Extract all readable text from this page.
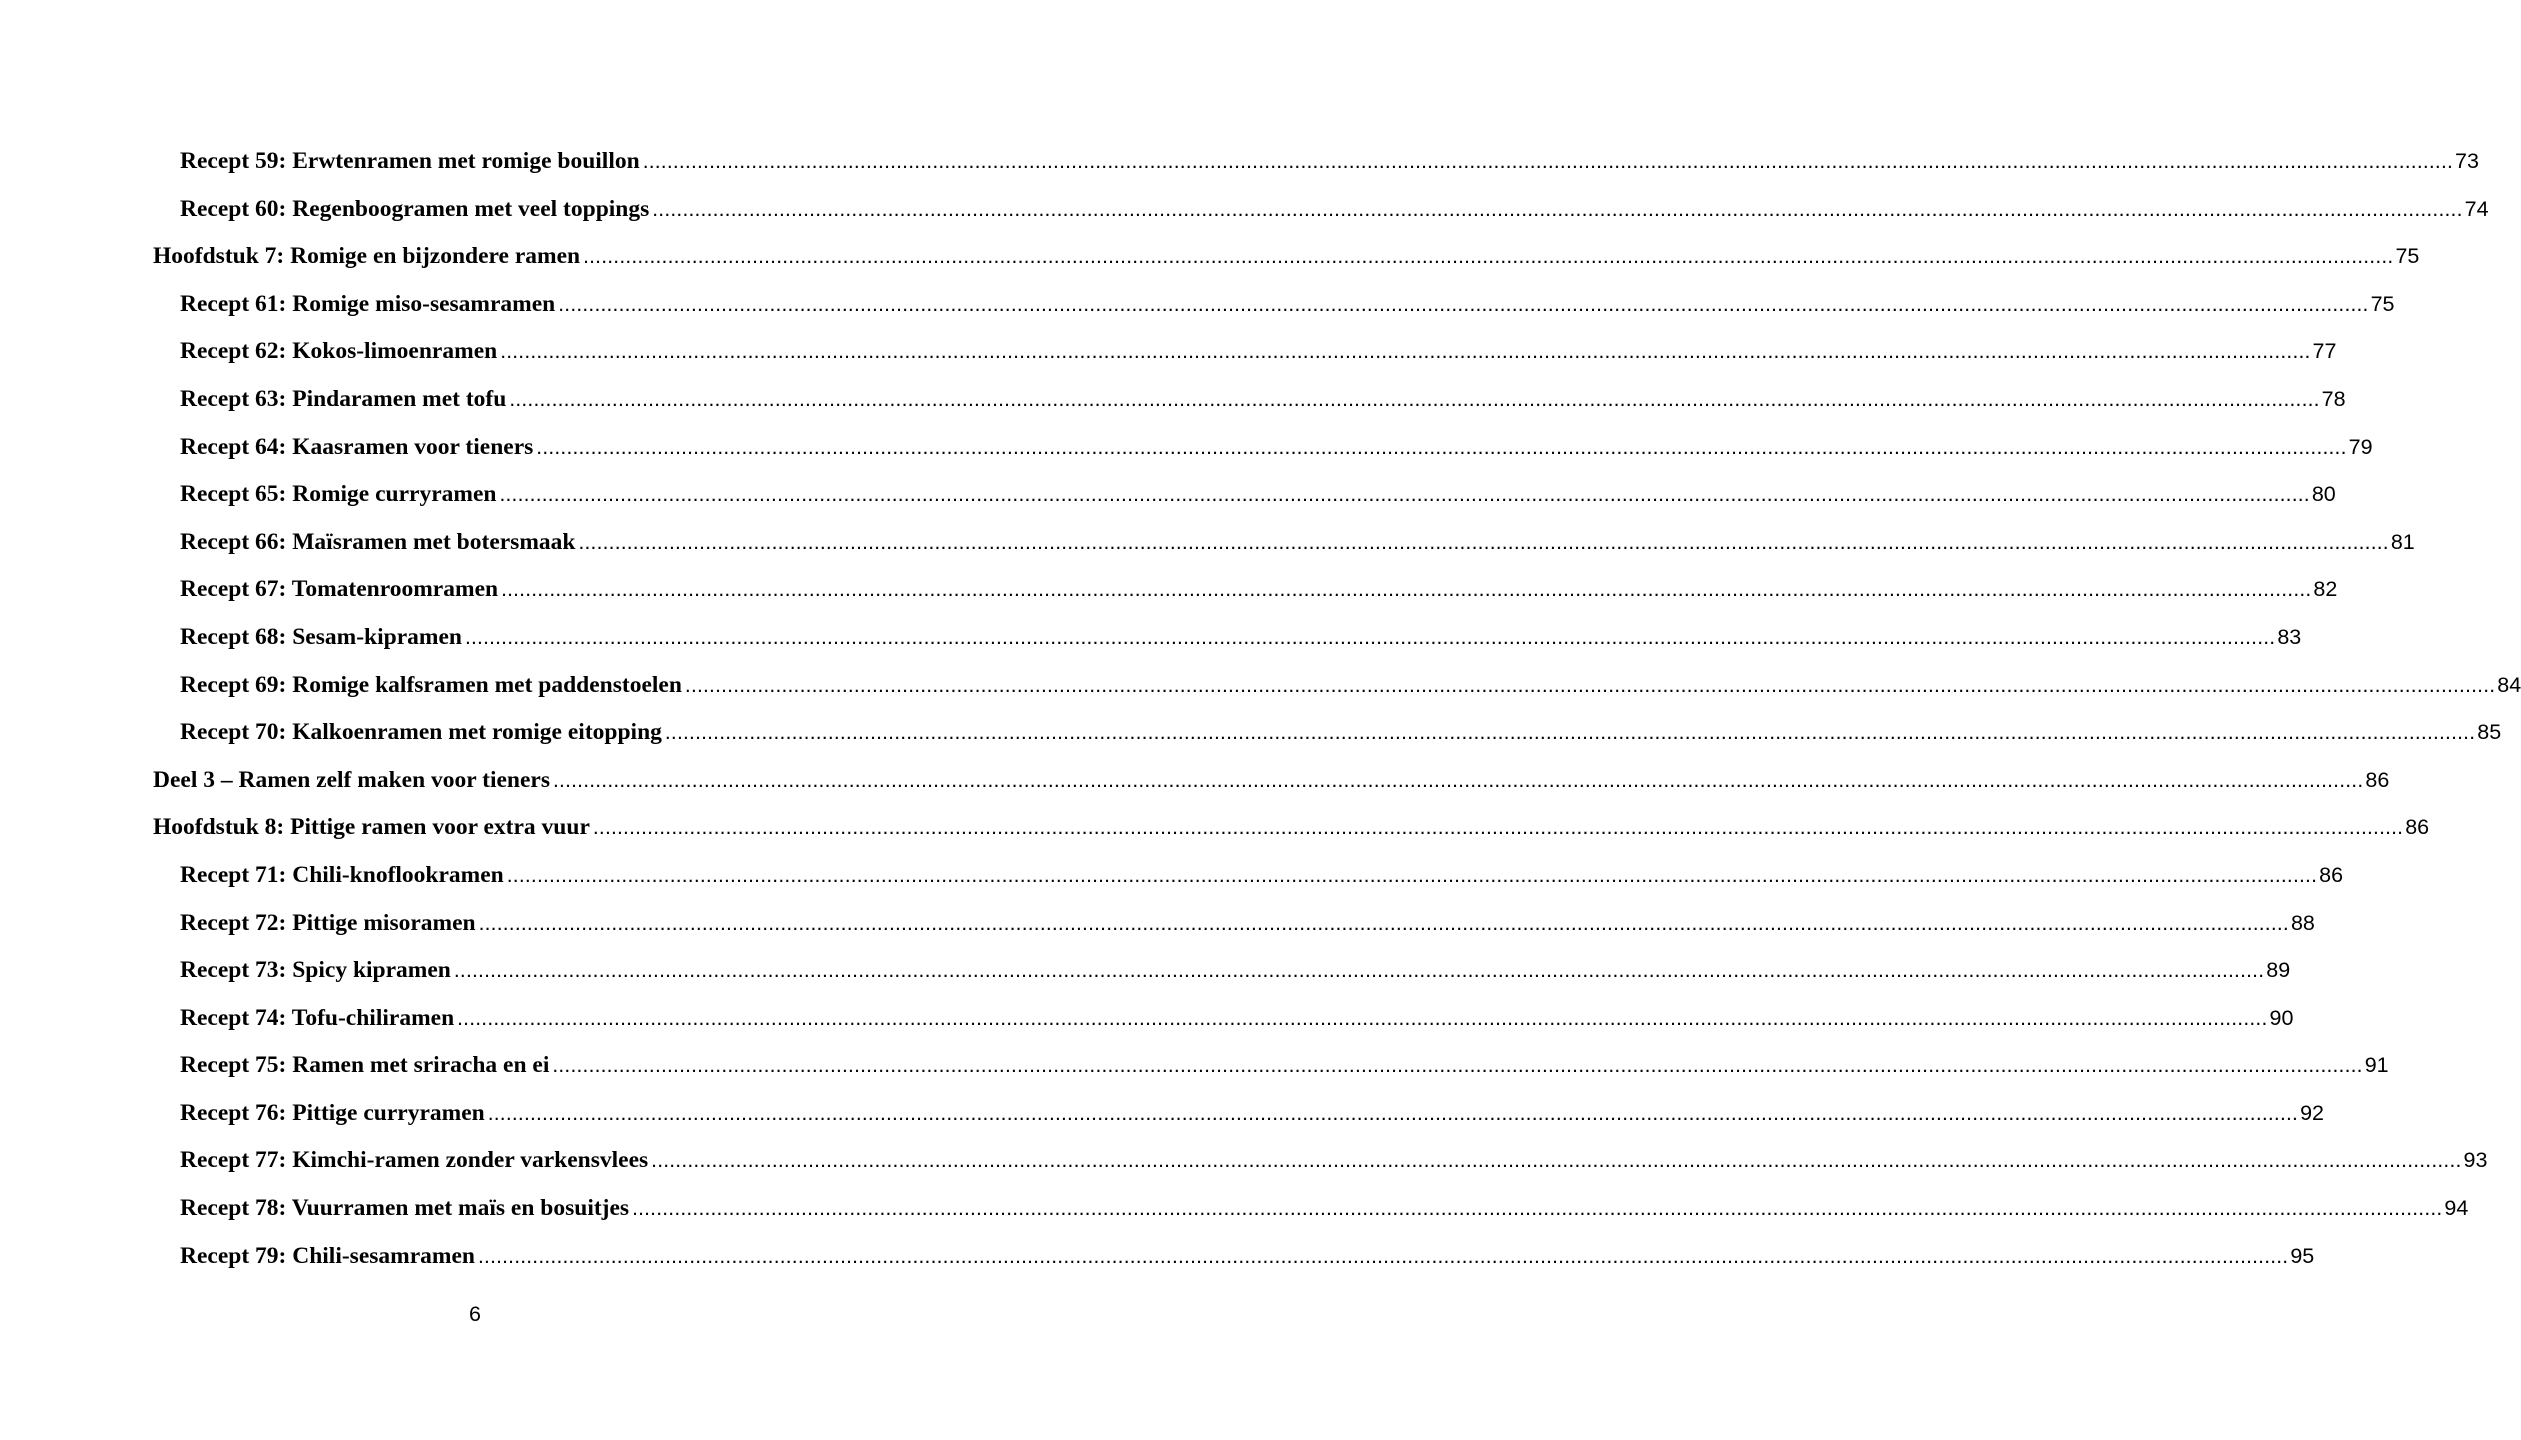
Recept 59: Erwtenramen met romige bouillon ............................................................................................................................................................................................................................................................................................................ 73
Recept 60: Regenboogramen met veel toppings ............................................................................................................................................................................................................................................................................................................ 74
Hoofdstuk 7: Romige en bijzondere ramen ............................................................................................................................................................................................................................................................................................................ 75
Recept 61: Romige miso-sesamramen ............................................................................................................................................................................................................................................................................................................ 75
Recept 62: Kokos-limoenramen ............................................................................................................................................................................................................................................................................................................ 77
Recept 63: Pindaramen met tofu ............................................................................................................................................................................................................................................................................................................ 78
Recept 64: Kaasramen voor tieners ............................................................................................................................................................................................................................................................................................................ 79
Recept 65: Romige curryramen ............................................................................................................................................................................................................................................................................................................ 80
Recept 66: Maïsramen met botersmaak ............................................................................................................................................................................................................................................................................................................ 81
Recept 67: Tomatenroomramen ............................................................................................................................................................................................................................................................................................................ 82
Recept 68: Sesam-kipramen ............................................................................................................................................................................................................................................................................................................ 83
Recept 69: Romige kalfsramen met paddenstoelen ............................................................................................................................................................................................................................................................................................................ 84
Recept 70: Kalkoenramen met romige eitopping ............................................................................................................................................................................................................................................................................................................ 85
Deel 3 – Ramen zelf maken voor tieners ............................................................................................................................................................................................................................................................................................................ 86
Hoofdstuk 8: Pittige ramen voor extra vuur ............................................................................................................................................................................................................................................................................................................ 86
Recept 71: Chili-knoflookramen ............................................................................................................................................................................................................................................................................................................ 86
Recept 72: Pittige misoramen ............................................................................................................................................................................................................................................................................................................ 88
Recept 73: Spicy kipramen ............................................................................................................................................................................................................................................................................................................ 89
Recept 74: Tofu-chiliramen ............................................................................................................................................................................................................................................................................................................ 90
Recept 75: Ramen met sriracha en ei ............................................................................................................................................................................................................................................................................................................ 91
Recept 76: Pittige curryramen ............................................................................................................................................................................................................................................................................................................ 92
Recept 77: Kimchi-ramen zonder varkensvlees ............................................................................................................................................................................................................................................................................................................ 93
Recept 78: Vuurramen met maïs en bosuitjes ............................................................................................................................................................................................................................................................................................................ 94
Recept 79: Chili-sesamramen ............................................................................................................................................................................................................................................................................................................ 95
6
